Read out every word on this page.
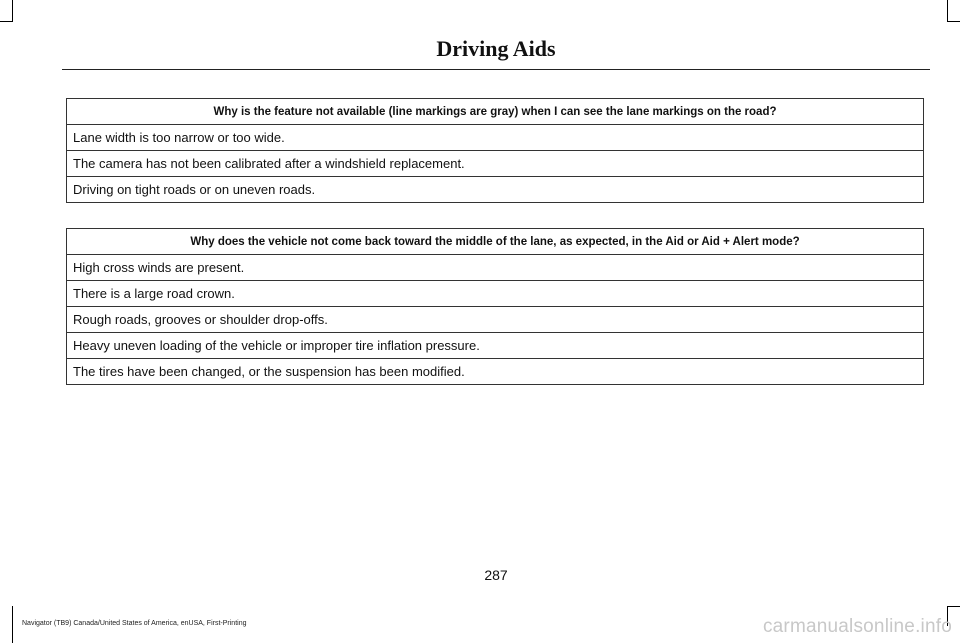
Driving Aids
Why is the feature not available (line markings are gray) when I can see the lane markings on the road?
Lane width is too narrow or too wide.
The camera has not been calibrated after a windshield replacement.
Driving on tight roads or on uneven roads.
Why does the vehicle not come back toward the middle of the lane, as expected, in the Aid or Aid + Alert mode?
High cross winds are present.
There is a large road crown.
Rough roads, grooves or shoulder drop-offs.
Heavy uneven loading of the vehicle or improper tire inflation pressure.
The tires have been changed, or the suspension has been modified.
287
Navigator (TB9) Canada/United States of America, enUSA, First-Printing	carmanualsonline.info
